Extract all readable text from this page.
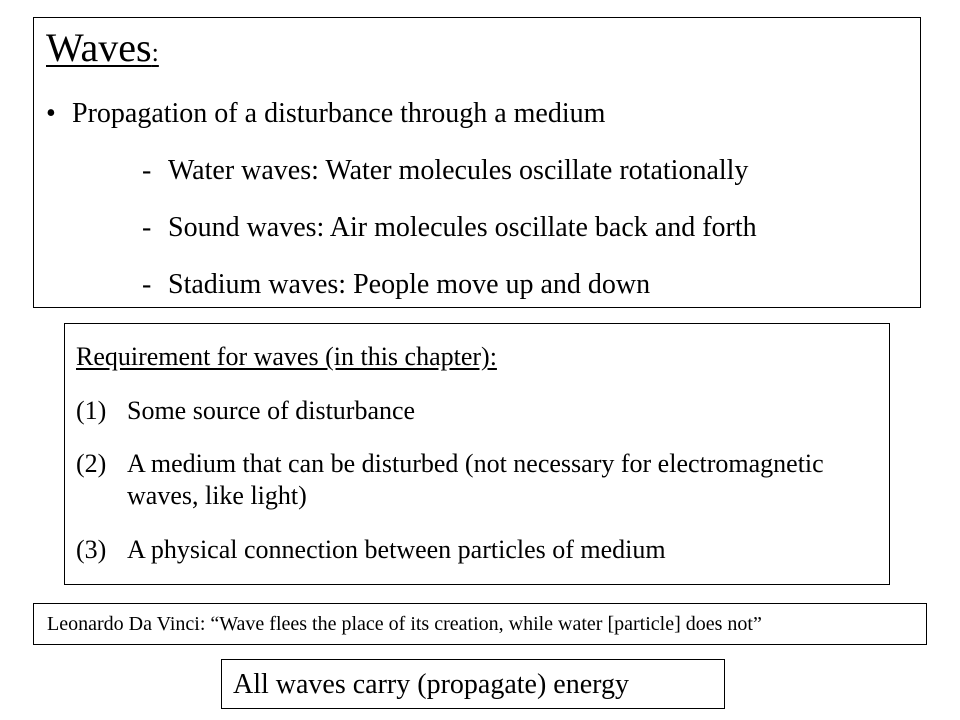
Waves:
• Propagation of a disturbance through a medium
- Water waves: Water molecules oscillate rotationally
- Sound waves: Air molecules oscillate back and forth
- Stadium waves: People move up and down
Requirement for waves (in this chapter):
(1) Some source of disturbance
(2) A medium that can be disturbed (not necessary for electromagnetic waves, like light)
(3) A physical connection between particles of medium
Leonardo Da Vinci: “Wave flees the place of its creation, while water [particle] does not”
All waves carry (propagate) energy
